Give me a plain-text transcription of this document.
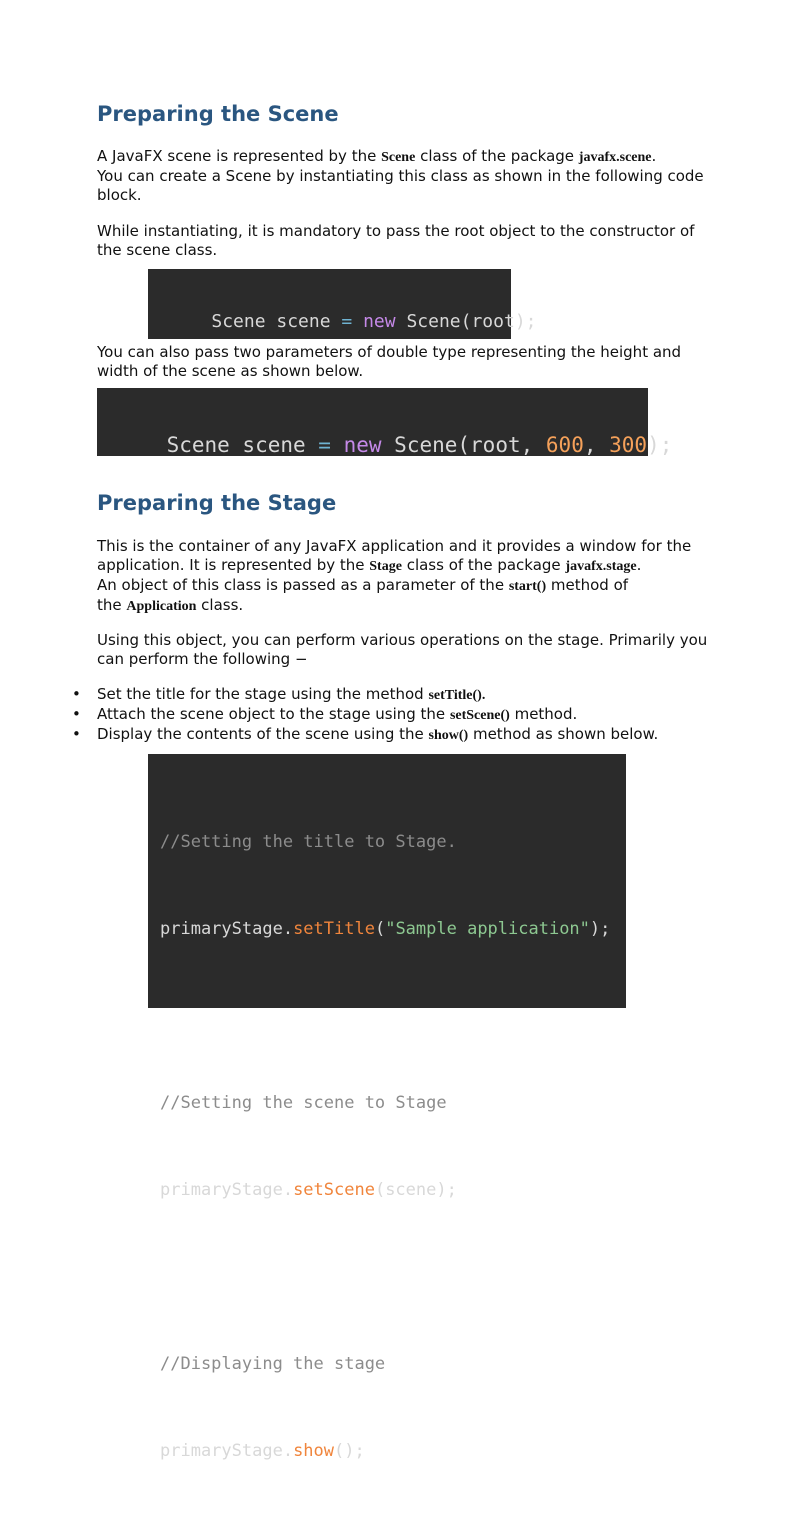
Preparing the Scene

A JavaFX scene is represented by the Scene class of the package javafx.scene.
You can create a Scene by instantiating this class as shown in the following code block.

While instantiating, it is mandatory to pass the root object to the constructor of the scene class.

Scene scene = new Scene(root);

You can also pass two parameters of double type representing the height and width of the scene as shown below.

Scene scene = new Scene(root, 600, 300);

Preparing the Stage

This is the container of any JavaFX application and it provides a window for the application. It is represented by the Stage class of the package javafx.stage.
An object of this class is passed as a parameter of the start() method of
the Application class.

Using this object, you can perform various operations on the stage. Primarily you can perform the following −

• Set the title for the stage using the method setTitle().
• Attach the scene object to the stage using the setScene() method.
• Display the contents of the scene using the show() method as shown below.

//Setting the title to Stage.

primaryStage.setTitle("Sample application");

//Setting the scene to Stage

primaryStage.setScene(scene);

//Displaying the stage

primaryStage.show();
